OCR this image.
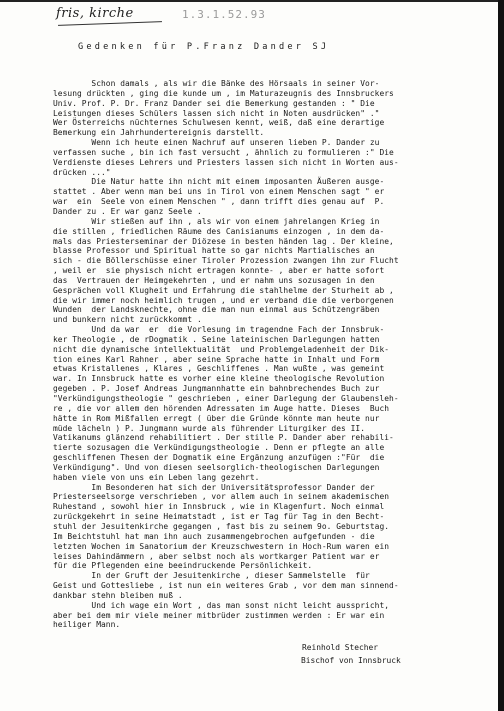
fris, kirche	1.3.1.52.93
Gedenken für P.Franz Dander SJ
Schon damals , als wir die Bänke des Hörsaals in seiner Vor-
lesung drückten , ging die kunde um , im Maturazeugnis des Innsbruckers
Univ. Prof. P. Dr. Franz Dander sei die Bemerkung gestanden : " Die
Leistungen dieses Schülers lassen sich nicht in Noten ausdrücken" ."
Wer Österreichs nüchternes Schulwesen kennt, weiß, daß eine derartige
Bemerkung ein Jahrhundertereignis darstellt.
Wenn ich heute einen Nachruf auf unseren lieben P. Dander zu
verfassen suche , bin ich fast versucht , ähnlich zu formulieren :" Die
Verdienste dieses Lehrers und Priesters lassen sich nicht in Worten aus-
drücken ..."
Die Natur hatte ihn nicht mit einem imposanten Äußeren ausge-
stattet . Aber wenn man bei uns in Tirol von einem Menschen sagt " er
war  ein  Seele von einem Menschen " , dann trifft dies genau auf  P.
Dander zu . Er war ganz Seele .
Wir stießen auf ihn , als wir von einem jahrelangen Krieg in
die stillen , friedlichen Räume des Canisianums einzogen , in dem da-
mals das Priesterseminar der Diözese in besten händen lag . Der kleine,
blasse Professor und Spiritual hatte so gar nichts Martialisches an
sich - die Böllerschüsse einer Tiroler Prozession zwangen ihn zur Flucht
, weil er  sie physisch nicht ertragen konnte- , aber er hatte sofort
das  Vertrauen der Heimgekehrten , und er nahm uns sozusagen in den
Gesprächen voll Klugheit und Erfahrung die stahlhelme der Sturheit ab ,
die wir immer noch heimlich trugen , und er verband die die verborgenen
Wunden  der Landsknechte, ohne die man nun einmal aus Schützengräben
und bunkern nicht zurückkommt .
Und da war  er  die Vorlesung im tragendne Fach der Innsbruk-
ker Theologie , de rDogmatik . Seine lateinischen Darlegungen hatten
nicht die dynamische intellektualität  und Problemgeladenheit der Dik-
tion eines Karl Rahner , aber seine Sprache hatte in Inhalt und Form
etwas Kristallenes , Klares , Geschliffenes . Man wußte , was gemeint
war. In Innsbruck hatte es vorher eine kleine theologische Revolution
gegeben . P. Josef Andreas Jungmannhatte ein bahnbrechendes Buch zur
"Verkündigungstheologie " geschrieben , einer Darlegung der Glaubensleh-
re , die vor allem den hörenden Adressaten im Auge hatte. Dieses  Buch
hätte in Rom Mißfallen erregt ( über die Gründe könnte man heute nur
müde lächeln ) P. Jungmann wurde als führender Liturgiker des II.
Vatikanums glänzend rehabilitiert . Der stille P. Dander aber rehabili-
tierte sozusagen die Verkündigungstheologie . Denn er pflegte an alle
geschliffenen Thesen der Dogmatik eine Ergänzung anzufügen :"Für  die
Verkündigung". Und von diesen seelsorglich-theologischen Darlegungen
haben viele von uns ein Leben lang gezehrt.
Im Besonderen hat sich der Universitätsprofessor Dander der
Priesterseelsorge verschrieben , vor allem auch in seinem akademischen
Ruhestand , sowohl hier in Innsbruck , wie in Klagenfurt. Noch einmal
zurückgekehrt in seine Heimatstadt , ist er Tag für Tag in den Becht-
stuhl der Jesuitenkirche gegangen , fast bis zu seinem 9o. Geburtstag.
Im Beichtstuhl hat man ihn auch zusammengebrochen aufgefunden - die
letzten Wochen im Sanatorium der Kreuzschwestern in Hoch-Rum waren ein
leises Dahindämmern , aber selbst noch als wortkarger Patient war er
für die Pflegenden eine beeindruckende Persönlichkeit.
In der Gruft der Jesuitenkirche , dieser Sammelstelle  für
Geist und Gottesliebe , ist nun ein weiteres Grab , vor dem man sinnend-
dankbar stehn bleiben muß .
Und ich wage ein Wort , das man sonst nicht leicht ausspricht,
aber bei dem mir viele meiner mitbrüder zustimmen werden : Er war ein
heiliger Mann.
Reinhold Stecher
Bischof von Innsbruck
